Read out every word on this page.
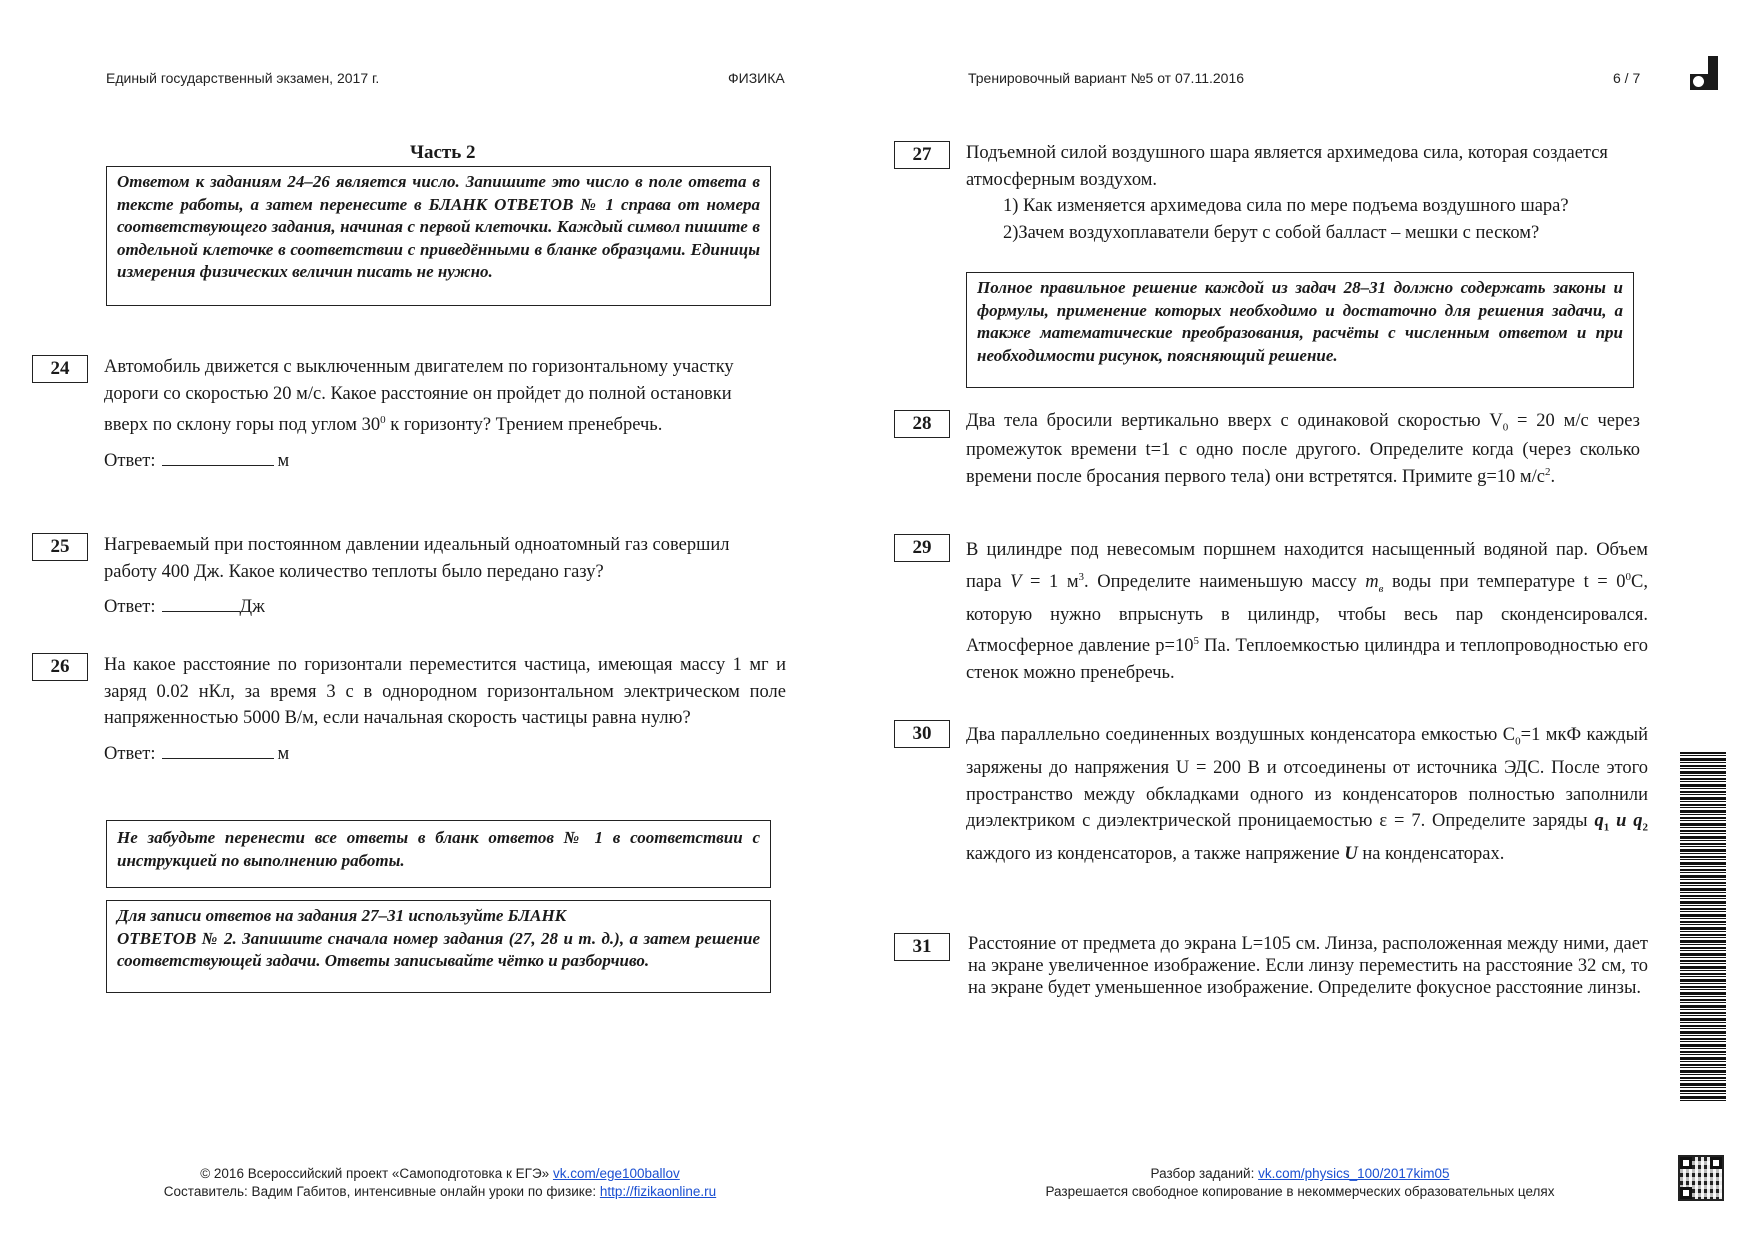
Единый государственный экзамен, 2017 г.	ФИЗИКА	Тренировочный вариант №5 от 07.11.2016	6 / 7
Часть 2
Ответом к заданиям 24–26 является число. Запишите это число в поле ответа в тексте работы, а затем перенесите в БЛАНК ОТВЕТОВ № 1 справа от номера соответствующего задания, начиная с первой клеточки. Каждый символ пишите в отдельной клеточке в соответствии с приведёнными в бланке образцами. Единицы измерения физических величин писать не нужно.
24	Автомобиль движется с выключенным двигателем по горизонтальному участку дороги со скоростью 20 м/с. Какое расстояние он пройдет до полной остановки вверх по склону горы под углом $30^0$ к горизонту? Трением пренебречь.
Ответ:	м
25	Нагреваемый при постоянном давлении идеальный одноатомный газ совершил работу 400 Дж. Какое количество теплоты было передано газу?
Ответ:	Дж
26	На какое расстояние по горизонтали переместится частица, имеющая массу 1 мг и заряд 0.02 нКл, за время 3 с в однородном горизонтальном электрическом поле напряженностью 5000 В/м, если начальная скорость частицы равна нулю?
Ответ:	м
Не забудьте перенести все ответы в бланк ответов № 1 в соответствии с инструкцией по выполнению работы.
Для записи ответов на задания 27–31 используйте БЛАНК
ОТВЕТОВ № 2. Запишите сначала номер задания (27, 28 и т. д.), а затем решение соответствующей задачи. Ответы записывайте чётко и разборчиво.
27	Подъемной силой воздушного шара является архимедова сила, которая создается атмосферным воздухом.
1) Как изменяется архимедова сила по мере подъема воздушного шара?
2)Зачем воздухоплаватели берут с собой балласт – мешки с песком?
Полное правильное решение каждой из задач 28–31 должно содержать законы и формулы, применение которых необходимо и достаточно для решения задачи, а также математические преобразования, расчёты с численным ответом и при необходимости рисунок, поясняющий решение.
28	Два тела бросили вертикально вверх с одинаковой скоростью $V_0 = 20$ м/с через промежуток времени t=1 с одно после другого. Определите когда (через сколько времени после бросания первого тела) они встретятся. Примите g=10 $м/с^2$.
29	В цилиндре под невесомым поршнем находится насыщенный водяной пар. Объем пара V = 1 $м^3$. Определите наименьшую массу $m_в$ воды при температуре $t = 0^0С$, которую нужно впрыснуть в цилиндр, чтобы весь пар сконденсировался. Атмосферное давление $p=10^5$ Па. Теплоемкостью цилиндра и теплопроводностью его стенок можно пренебречь.
30	Два параллельно соединенных воздушных конденсатора емкостью $C_0=1$ мкФ каждый заряжены до напряжения U = 200 В и отсоединены от источника ЭДС. После этого пространство между обкладками одного из конденсаторов полностью заполнили диэлектриком с диэлектрической проницаемостью ε = 7. Определите заряды $q_1$ и $q_2$ каждого из конденсаторов, а также напряжение U на конденсаторах.
31	Расстояние от предмета до экрана L=105 см. Линза, расположенная между ними, дает на экране увеличенное изображение. Если линзу переместить на расстояние 32 см, то на экране будет уменьшенное изображение. Определите фокусное расстояние линзы.
© 2016 Всероссийский проект «Самоподготовка к ЕГЭ» vk.com/ege100ballov
Составитель: Вадим Габитов, интенсивные онлайн уроки по физике: http://fizikaonline.ru
Разбор заданий: vk.com/physics_100/2017kim05
Разрешается свободное копирование в некоммерческих образовательных целях
